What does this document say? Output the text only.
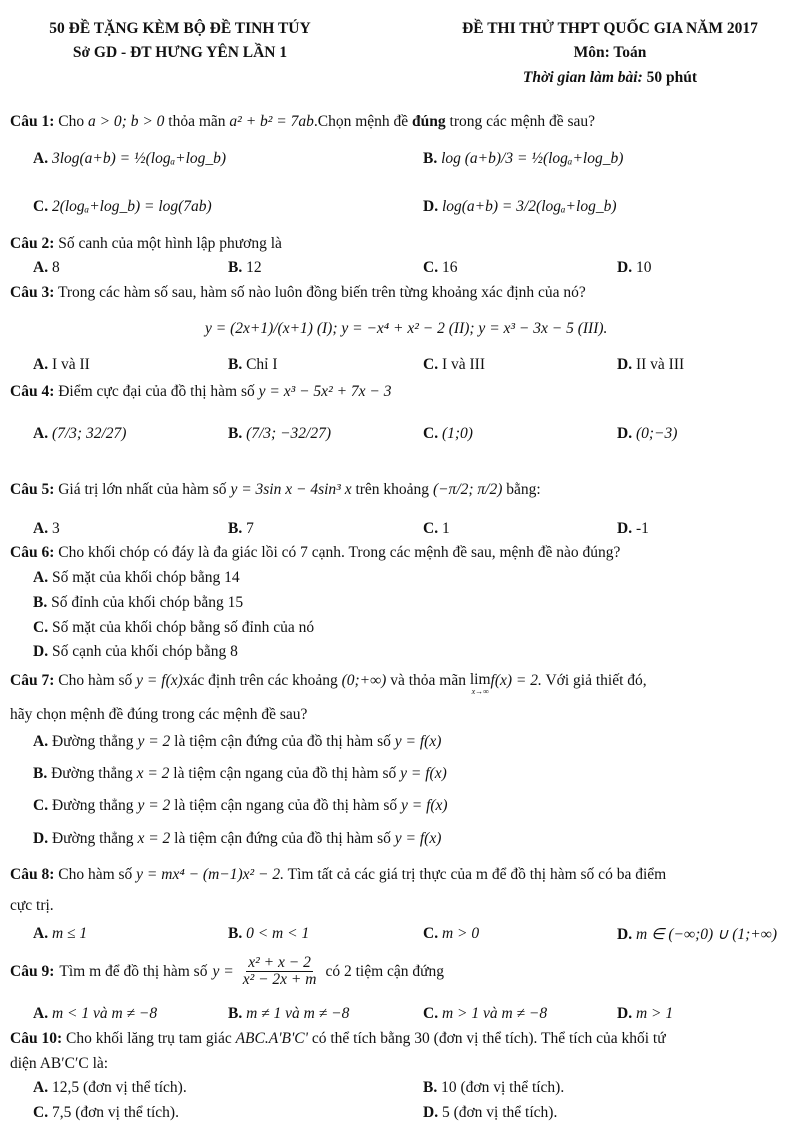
50 ĐỀ TẶNG KÈM BỘ ĐỀ TINH TÚY
Sở GD - ĐT HƯNG YÊN LẦN 1
ĐỀ THI THỬ THPT QUỐC GIA NĂM 2017
Môn: Toán
Thời gian làm bài: 50 phút
Câu 1: Cho a > 0; b > 0 thỏa mãn a² + b² = 7ab.Chọn mệnh đề đúng trong các mệnh đề sau?
A. 3log(a+b) = ½(logₐ+log_b)	B. log (a+b)/3 = ½(logₐ+log_b)
C. 2(logₐ+log_b) = log(7ab)	D. log(a+b) = 3/2(logₐ+log_b)
Câu 2: Số canh của một hình lập phương là
A. 8	B. 12	C. 16	D. 10
Câu 3: Trong các hàm số sau, hàm số nào luôn đồng biến trên từng khoảng xác định của nó?
y = (2x+1)/(x+1) (I); y = −x⁴ + x² − 2 (II); y = x³ − 3x − 5 (III).
A. I và II	B. Chỉ I	C. I và III	D. II và III
Câu 4: Điểm cực đại của đồ thị hàm số y = x³ − 5x² + 7x − 3
A. (7/3; 32/27)	B. (7/3; −32/27)	C. (1;0)	D. (0;−3)
Câu 5: Giá trị lớn nhất của hàm số y = 3sin x − 4sin³ x trên khoảng (−π/2; π/2) bằng:
A. 3	B. 7	C. 1	D. -1
Câu 6: Cho khối chóp có đáy là đa giác lồi có 7 cạnh. Trong các mệnh đề sau, mệnh đề nào đúng?
A. Số mặt của khối chóp bằng 14
B. Số đỉnh của khối chóp bằng 15
C. Số mặt của khối chóp bằng số đỉnh của nó
D. Số cạnh của khối chóp bằng 8
Câu 7: Cho hàm số y = f(x)xác định trên các khoảng (0;+∞) và thỏa mãn lim
x→∞
f(x) = 2. Với giả thiết đó,
hãy chọn mệnh đề đúng trong các mệnh đề sau?
A. Đường thẳng y = 2 là tiệm cận đứng của đồ thị hàm số y = f(x)
B. Đường thẳng x = 2 là tiệm cận ngang của đồ thị hàm số y = f(x)
C. Đường thẳng y = 2 là tiệm cận ngang của đồ thị hàm số y = f(x)
D. Đường thẳng x = 2 là tiệm cận đứng của đồ thị hàm số y = f(x)
Câu 8: Cho hàm số y = mx⁴ − (m−1)x² − 2. Tìm tất cả các giá trị thực của m để đồ thị hàm số có ba điểm
cực trị.
A. m ≤ 1	B. 0 < m < 1	C. m > 0	D. m ∈ (−∞;0) ∪ (1;+∞)
Câu 9: Tìm m để đồ thị hàm số $y = \frac{\text{x² + x − 2}}{\text{x² − 2x + m}}$ có 2 tiệm cận đứng
A. m < 1 và m ≠ −8	B. m ≠ 1 và m ≠ −8	C. m > 1 và m ≠ −8	D. m > 1
Câu 10: Cho khối lăng trụ tam giác ABC.A'B'C' có thể tích bằng 30 (đơn vị thể tích). Thể tích của khối tứ
diện AB′C′C là:
A. 12,5 (đơn vị thể tích).	B. 10 (đơn vị thể tích).
C. 7,5 (đơn vị thể tích).	D. 5 (đơn vị thể tích).
